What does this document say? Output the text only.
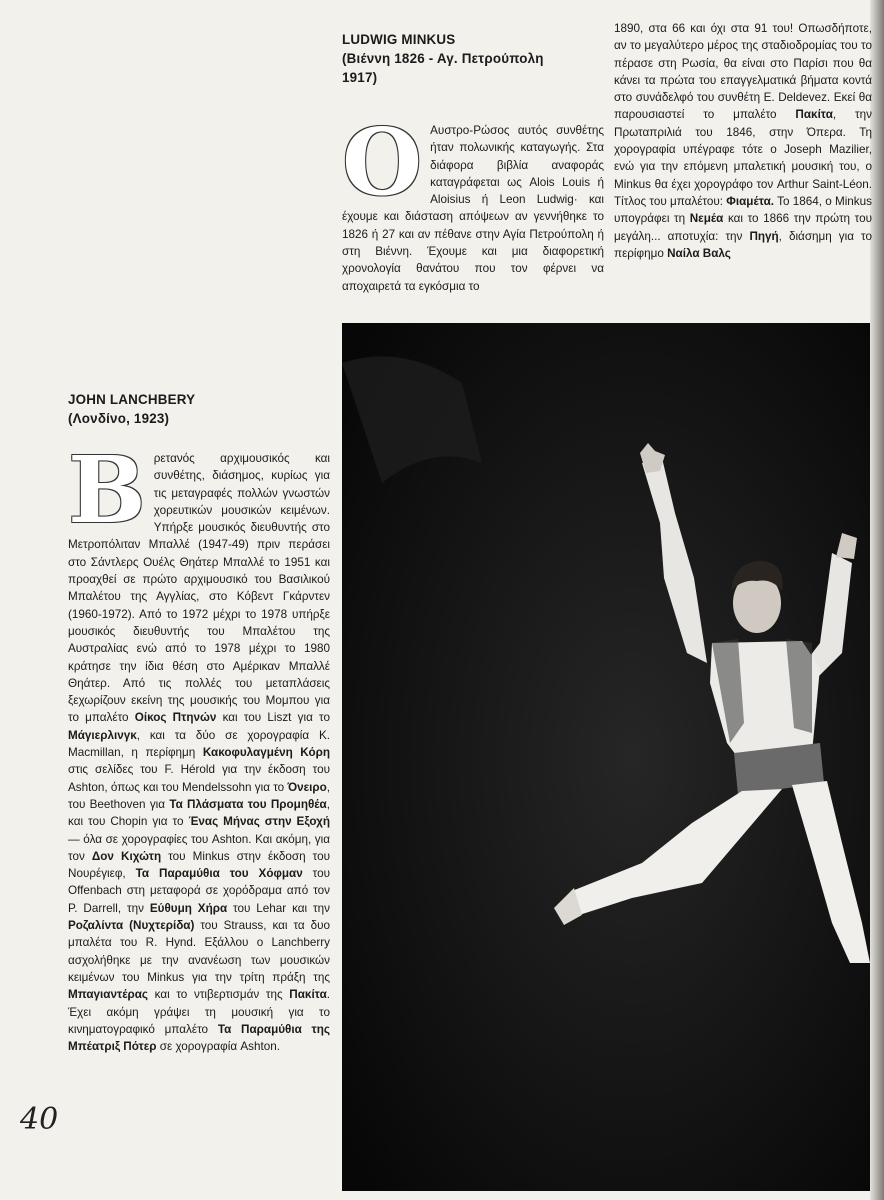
LUDWIG MINKUS
(Βιέννη 1826 - Αγ. Πετρούπολη 1917)

Ο Αυστρο-Ρώσος αυτός συνθέτης ήταν πολωνικής καταγωγής. Στα διάφορα βιβλία αναφοράς καταγράφεται ως Alois Louis ή Aloisius ή Leon Ludwig· και έχουμε και διάσταση απόψεων αν γεννήθηκε το 1826 ή 27 και αν πέθανε στην Αγία Πετρούπολη ή στη Βιέννη. Έχουμε και μια διαφορετική χρονολογία θανάτου που τον φέρνει να αποχαιρετά τα εγκόσμια το

1890, στα 66 και όχι στα 91 του! Οπωσδήποτε, αν το μεγαλύτερο μέρος της σταδιοδρομίας του το πέρασε στη Ρωσία, θα είναι στο Παρίσι που θα κάνει τα πρώτα του επαγγελματικά βήματα κοντά στο συνάδελφό του συνθέτη E. Deldevez. Εκεί θα παρουσιαστεί το μπαλέτο Πακίτα, την Πρωταπριλιά του 1846, στην Όπερα. Τη χορογραφία υπέγραφε τότε ο Joseph Mazilier, ενώ για την επόμενη μπαλετική μουσική του, ο Minkus θα έχει χορογράφο τον Arthur Saint-Léon. Τίτλος του μπαλέτου: Φιαμέτα. Το 1864, ο Minkus υπογράφει τη Νεμέα και το 1866 την πρώτη του μεγάλη... αποτυχία: την Πηγή, διάσημη για το περίφημο Ναίλα Βαλς

JOHN LANCHBERY
(Λονδίνο, 1923)

Βρετανός αρχιμουσικός και συνθέτης, διάσημος, κυρίως για τις μεταγραφές πολλών γνωστών χορευτικών μουσικών κειμένων. Υπήρξε μουσικός διευθυντής στο Μετροπόλιταν Μπαλλέ (1947-49) πριν περάσει στο Σάντλερς Ουέλς Θηάτερ Μπαλλέ το 1951 και προαχθεί σε πρώτο αρχιμουσικό του Βασιλικού Μπαλέτου της Αγγλίας, στο Κόβεντ Γκάρντεν (1960-1972). Από το 1972 μέχρι το 1978 υπήρξε μουσικός διευθυντής του Μπαλέτου της Αυστραλίας ενώ από το 1978 μέχρι το 1980 κράτησε την ίδια θέση στο Αμέρικαν Μπαλλέ Θηάτερ. Από τις πολλές του μεταπλάσεις ξεχωρίζουν εκείνη της μουσικής του Μομπου για το μπαλέτο Οίκος Πτηνών και του Liszt για το Μάγιερλινγκ, και τα δύο σε χορογραφία Κ. Macmillan, η περίφημη Κακοφυλαγμένη Κόρη στις σελίδες του F. Hérold για την έκδοση του Ashton, όπως και του Mendelssohn για το Όνειρο, του Beethoven για Τα Πλάσματα του Προμηθέα, και του Chopin για το Ένας Μήνας στην Εξοχή — όλα σε χορογραφίες του Ashton. Και ακόμη, για τον Δον Κιχώτη του Minkus στην έκδοση του Νουρέγιεφ, Τα Παραμύθια του Χόφμαν του Offenbach στη μεταφορά σε χορόδραμα από τον P. Darrell, την Εύθυμη Χήρα του Lehar και την Ροζαλίντα (Νυχτερίδα) του Strauss, και τα δυο μπαλέτα του R. Hynd. Εξάλλου ο Lanchberry ασχολήθηκε με την ανανέωση των μουσικών κειμένων του Minkus για την τρίτη πράξη της Μπαγιαντέρας και το ντιβερτισμάν της Πακίτα. Έχει ακόμη γράψει τη μουσική για το κινηματογραφικό μπαλέτο Τα Παραμύθια της Μπέατριξ Πότερ σε χορογραφία Ashton.

40
